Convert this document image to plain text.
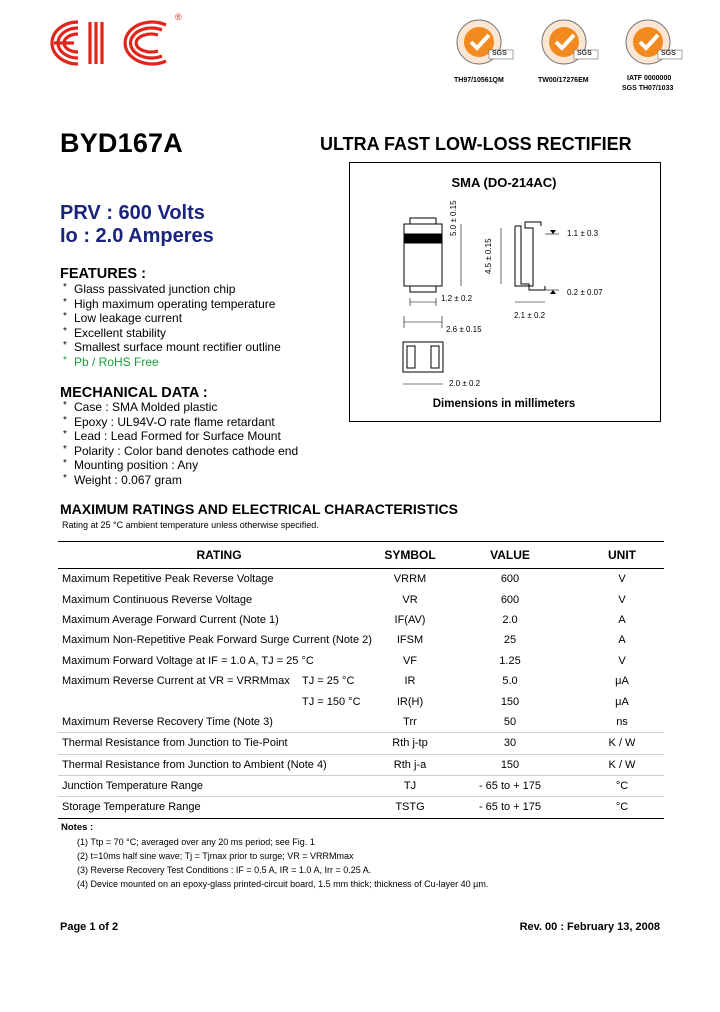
®
SGS
TH97/10561QM
SGS
TW00/17276EM
SGS
IATF 0000000
SGS TH07/1033
BYD167A	ULTRA FAST LOW-LOSS RECTIFIER
PRV : 600 Volts
Io : 2.0 Amperes
FEATURES :
* Glass passivated junction chip
* High maximum operating temperature
* Low leakage current
* Excellent stability
* Smallest surface mount rectifier outline
* Pb / RoHS Free
MECHANICAL DATA :
* Case : SMA Molded plastic
* Epoxy : UL94V-O rate flame retardant
* Lead : Lead Formed for Surface Mount
* Polarity : Color band denotes cathode end
* Mounting position : Any
* Weight : 0.067 gram
SMA (DO-214AC)
5.0 ± 0.15
4.5 ± 0.15
1.2 ± 0.2
1.1 ± 0.3
0.2 ± 0.07
2.6 ± 0.15
2.1 ± 0.2
2.0 ± 0.2
Dimensions in millimeters
MAXIMUM RATINGS AND ELECTRICAL CHARACTERISTICS
Rating at 25 °C ambient temperature unless otherwise specified.
RATING	SYMBOL	VALUE	UNIT
Maximum Repetitive Peak Reverse Voltage	VRRM	600	V
Maximum Continuous Reverse Voltage	VR	600	V
Maximum Average Forward Current (Note 1)	IF(AV)	2.0	A
Maximum Non-Repetitive Peak Forward Surge Current (Note 2)	IFSM	25	A
Maximum Forward Voltage at IF = 1.0 A, TJ = 25 °C	VF	1.25	V
Maximum Reverse Current at VR = VRRMmax TJ = 25 °C	IR	5.0	μA
TJ = 150 °C	IR(H)	150	μA
Maximum Reverse Recovery Time (Note 3)	Trr	50	ns
Thermal Resistance from Junction to Tie-Point	Rth j-tp	30	K / W
Thermal Resistance from Junction to Ambient (Note 4)	Rth j-a	150	K / W
Junction Temperature Range	TJ	- 65 to + 175	°C
Storage Temperature Range	TSTG	- 65 to + 175	°C
Notes :
(1) Ttp = 70 °C; averaged over any 20 ms period; see Fig. 1
(2) t=10ms half sine wave; Tj = Tjmax prior to surge; VR = VRRMmax
(3) Reverse Recovery Test Conditions : IF = 0.5 A, IR = 1.0 A, Irr = 0.25 A.
(4) Device mounted on an epoxy-glass printed-circuit board, 1.5 mm thick; thickness of Cu-layer 40 µm.
Page 1 of 2	Rev. 00 : February 13, 2008
